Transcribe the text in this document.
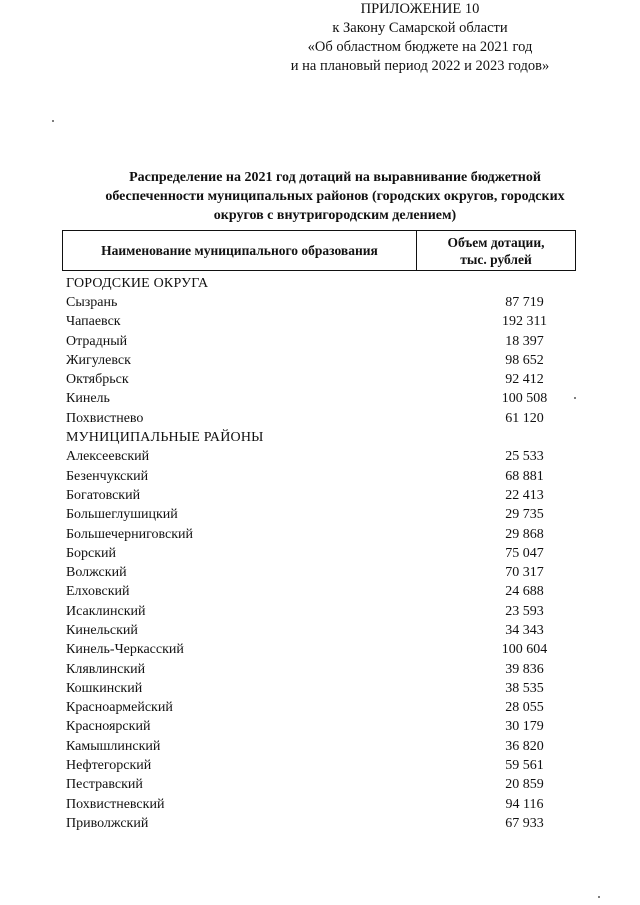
ПРИЛОЖЕНИЕ 10
к Закону Самарской области
«Об областном бюджете на 2021 год
и на плановый период 2022 и 2023 годов»
Распределение на 2021 год дотаций на выравнивание бюджетной
обеспеченности муниципальных районов (городских округов, городских
округов с внутригородским делением)
Наименование муниципального образования
Объем дотации,
тыс. рублей
ГОРОДСКИЕ ОКРУГА
Сызрань	87 719
Чапаевск	192 311
Отрадный	18 397
Жигулевск	98 652
Октябрьск	92 412
Кинель	100 508
Похвистнево	61 120
МУНИЦИПАЛЬНЫЕ РАЙОНЫ
Алексеевский	25 533
Безенчукский	68 881
Богатовский	22 413
Большеглушицкий	29 735
Большечерниговский	29 868
Борский	75 047
Волжский	70 317
Елховский	24 688
Исаклинский	23 593
Кинельский	34 343
Кинель-Черкасский	100 604
Клявлинский	39 836
Кошкинский	38 535
Красноармейский	28 055
Красноярский	30 179
Камышлинский	36 820
Нефтегорский	59 561
Пестравский	20 859
Похвистневский	94 116
Приволжский	67 933
